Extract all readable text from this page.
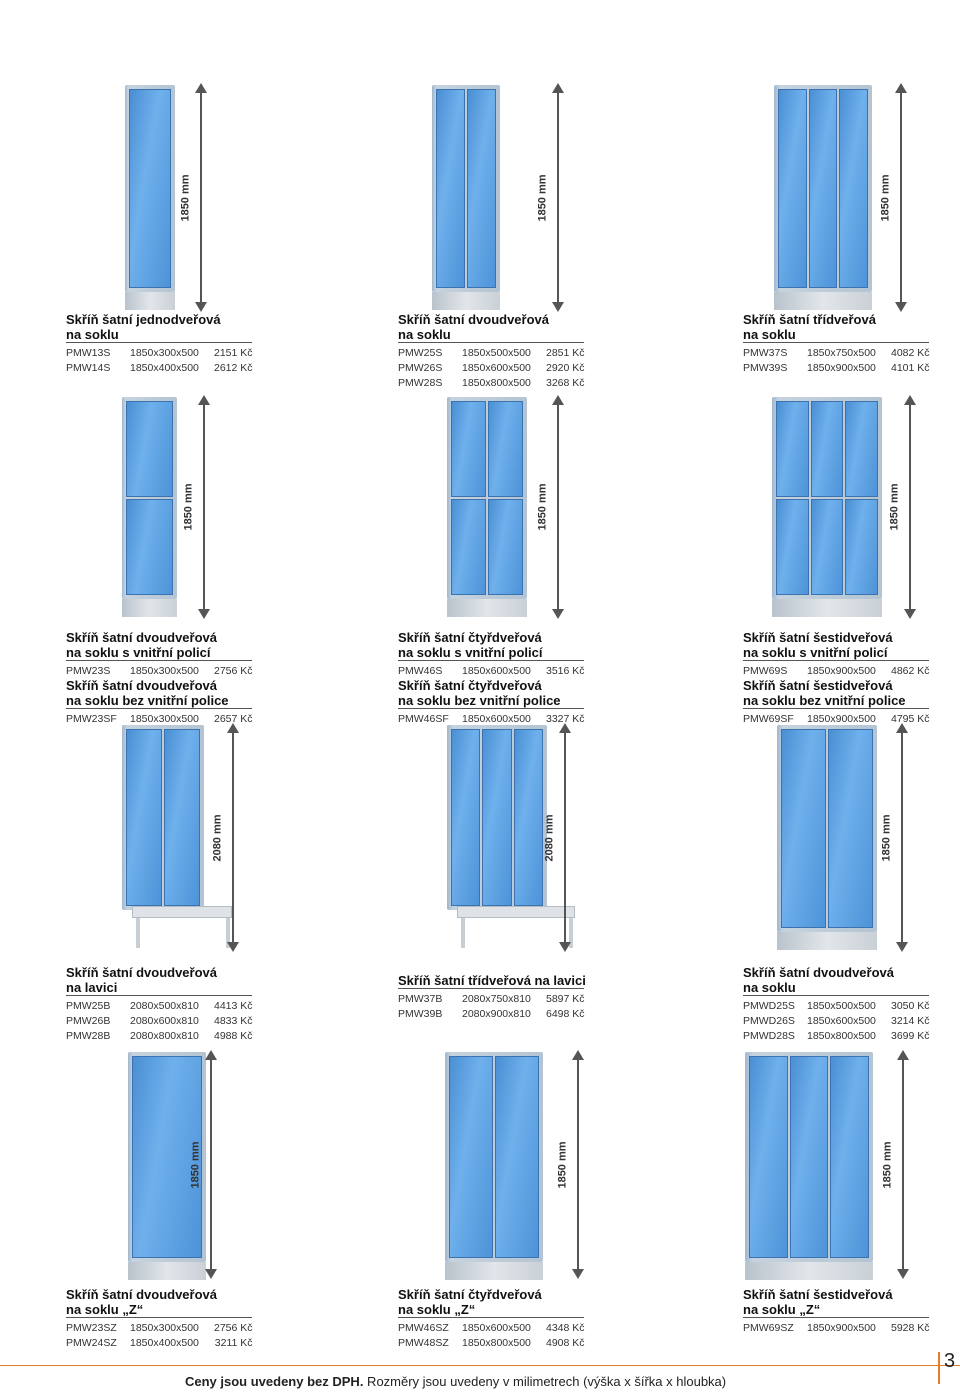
1850 mm
Skříň šatní jednodveřová
na soklu
PMW13S	1850x300x500	2151 Kč
PMW14S	1850x400x500	2612 Kč
1850 mm
Skříň šatní dvoudveřová
na soklu
PMW25S	1850x500x500	2851 Kč
PMW26S	1850x600x500	2920 Kč
PMW28S	1850x800x500	3268 Kč
1850 mm
Skříň šatní třídveřová
na soklu
PMW37S	1850x750x500	4082 Kč
PMW39S	1850x900x500	4101 Kč
1850 mm
Skříň šatní dvoudveřová
na soklu s vnitřní policí
PMW23S	1850x300x500	2756 Kč
Skříň šatní dvoudveřová
na soklu bez vnitřní police
PMW23SF	1850x300x500	2657 Kč
1850 mm
Skříň šatní čtyřdveřová
na soklu s vnitřní policí
PMW46S	1850x600x500	3516 Kč
Skříň šatní čtyřdveřová
na soklu bez vnitřní police
PMW46SF	1850x600x500	3327 Kč
1850 mm
Skříň šatní šestidveřová
na soklu s vnitřní policí
PMW69S	1850x900x500	4862 Kč
Skříň šatní šestidveřová
na soklu bez vnitřní police
PMW69SF	1850x900x500	4795 Kč
2080 mm
Skříň šatní dvoudveřová
na lavici
PMW25B	2080x500x810	4413 Kč
PMW26B	2080x600x810	4833 Kč
PMW28B	2080x800x810	4988 Kč
2080 mm
Skříň šatní třídveřová na lavici
PMW37B	2080x750x810	5897 Kč
PMW39B	2080x900x810	6498 Kč
1850 mm
Skříň šatní dvoudveřová
na soklu
PMWD25S	1850x500x500	3050 Kč
PMWD26S	1850x600x500	3214 Kč
PMWD28S	1850x800x500	3699 Kč
1850 mm
Skříň šatní dvoudveřová
na soklu „Z“
PMW23SZ	1850x300x500	2756 Kč
PMW24SZ	1850x400x500	3211 Kč
1850 mm
Skříň šatní čtyřdveřová
na soklu „Z“
PMW46SZ	1850x600x500	4348 Kč
PMW48SZ	1850x800x500	4908 Kč
1850 mm
Skříň šatní šestidveřová
na soklu „Z“
PMW69SZ	1850x900x500	5928 Kč
Ceny jsou uvedeny bez DPH. Rozměry jsou uvedeny v milimetrech (výška x šířka x hloubka)
3
